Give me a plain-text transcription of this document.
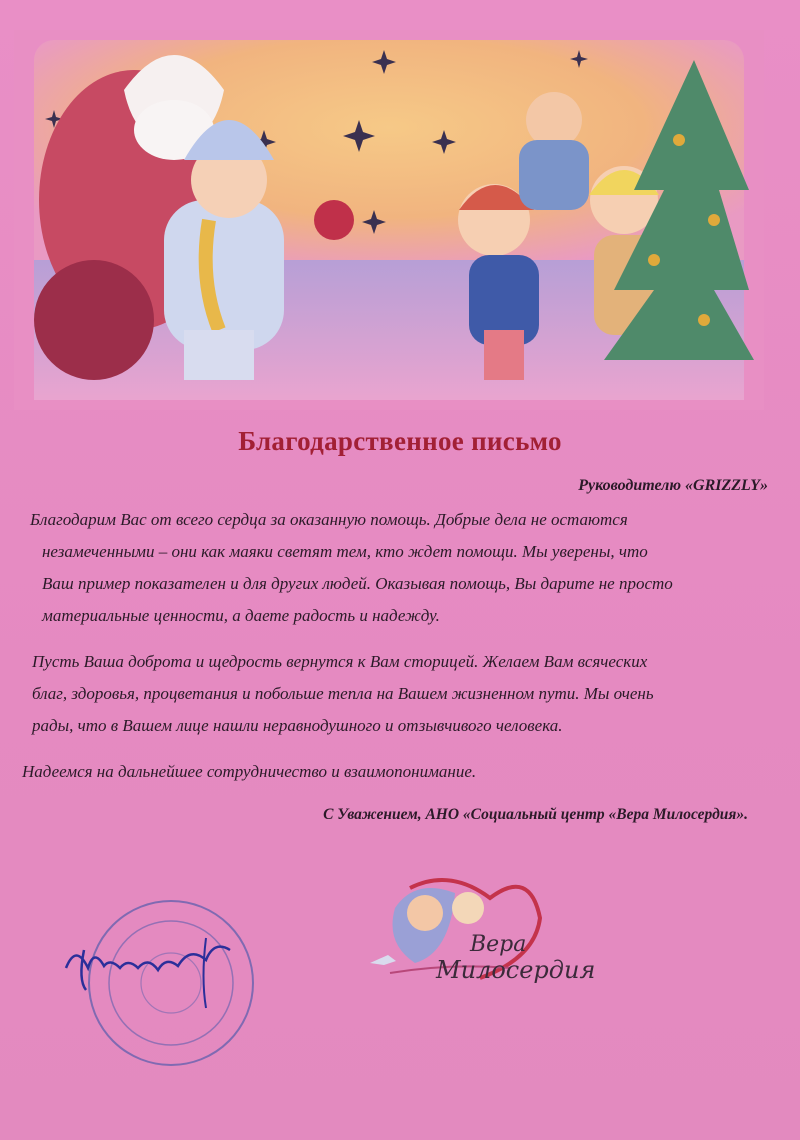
Благодарственное письмо
Руководителю «GRIZZLY»
Благодарим Вас от всего сердца за оказанную помощь. Добрые дела не остаются
незамеченными – они как маяки светят тем, кто ждет помощи. Мы уверены, что
Ваш пример показателен и для других людей. Оказывая помощь, Вы дарите не просто
материальные ценности, а даете радость и надежду.
Пусть Ваша доброта и щедрость вернутся к Вам сторицей. Желаем Вам всяческих
благ, здоровья, процветания и побольше тепла на Вашем жизненном пути. Мы очень
рады, что в Вашем лице нашли неравнодушного и отзывчивого человека.
Надеемся на дальнейшее сотрудничество и взаимопонимание.
С Уважением, АНО «Социальный центр «Вера Милосердия».
Вера
Милосердия
